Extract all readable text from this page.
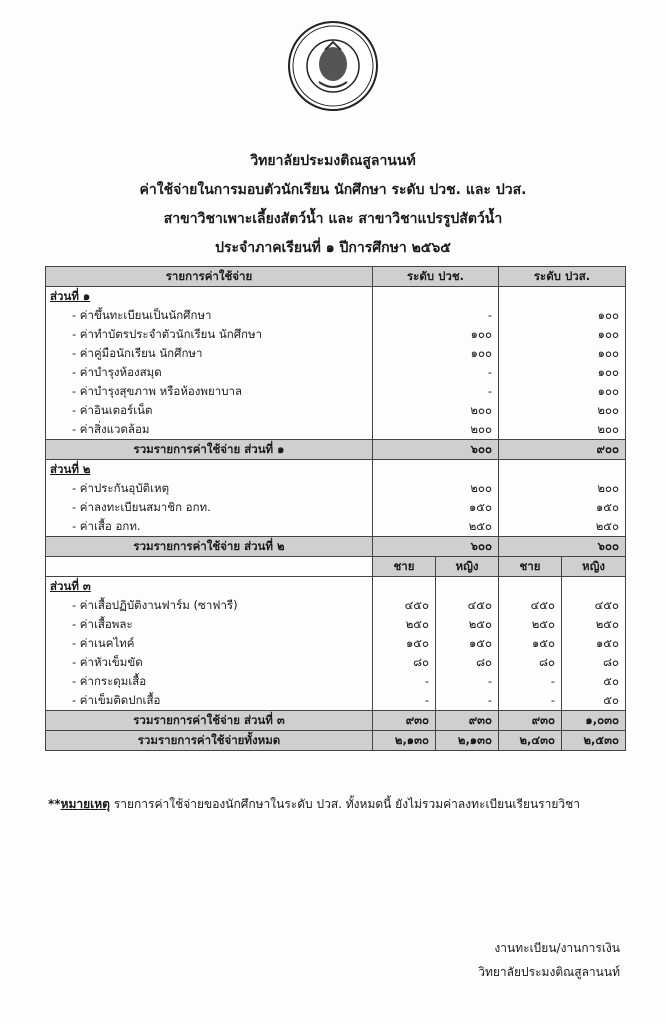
วิทยาลัยประมงติณสูลานนท์
ค่าใช้จ่ายในการมอบตัวนักเรียน นักศึกษา ระดับ ปวช. และ ปวส.
สาขาวิชาเพาะเลี้ยงสัตว์น้ำ และ สาขาวิชาแปรรูปสัตว์น้ำ
ประจำภาคเรียนที่ ๑ ปีการศึกษา ๒๕๖๕
รายการค่าใช้จ่าย	ระดับ ปวช.		ระดับ ปวส.	
ส่วนที่ ๑				
- ค่าขึ้นทะเบียนเป็นนักศึกษา	-		๑๐๐	
- ค่าทำบัตรประจำตัวนักเรียน นักศึกษา	๑๐๐		๑๐๐	
- ค่าคู่มือนักเรียน นักศึกษา	๑๐๐		๑๐๐	
- ค่าบำรุงห้องสมุด	-		๑๐๐	
- ค่าบำรุงสุขภาพ หรือห้องพยาบาล	-		๑๐๐	
- ค่าอินเตอร์เน็ต	๒๐๐		๒๐๐	
- ค่าสิ่งแวดล้อม	๒๐๐		๒๐๐	
รวมรายการค่าใช้จ่าย ส่วนที่ ๑	๖๐๐		๙๐๐	
ส่วนที่ ๒				
- ค่าประกันอุบัติเหตุ	๒๐๐		๒๐๐	
- ค่าลงทะเบียนสมาชิก อกท.	๑๕๐		๑๕๐	
- ค่าเสื้อ อกท.	๒๕๐		๒๕๐	
รวมรายการค่าใช้จ่าย ส่วนที่ ๒	๖๐๐		๖๐๐	
	ชาย	หญิง	ชาย	หญิง
ส่วนที่ ๓				
- ค่าเสื้อปฏิบัติงานฟาร์ม (ซาฟารี)	๔๕๐	๔๕๐	๔๕๐	๔๕๐
- ค่าเสื้อพละ	๒๕๐	๒๕๐	๒๕๐	๒๕๐
- ค่าเนคไทค์	๑๕๐	๑๕๐	๑๕๐	๑๕๐
- ค่าหัวเข็มขัด	๘๐	๘๐	๘๐	๘๐
- ค่ากระดุมเสื้อ	-	-	-	๕๐
- ค่าเข็มติดปกเสื้อ	-	-	-	๕๐
รวมรายการค่าใช้จ่าย ส่วนที่ ๓	๙๓๐	๙๓๐	๙๓๐	๑,๐๓๐
รวมรายการค่าใช้จ่ายทั้งหมด	๒,๑๓๐	๒,๑๓๐	๒,๔๓๐	๒,๕๓๐
**หมายเหตุ รายการค่าใช้จ่ายของนักศึกษาในระดับ ปวส. ทั้งหมดนี้ ยังไม่รวมค่าลงทะเบียนเรียนรายวิชา
งานทะเบียน/งานการเงิน
วิทยาลัยประมงติณสูลานนท์
